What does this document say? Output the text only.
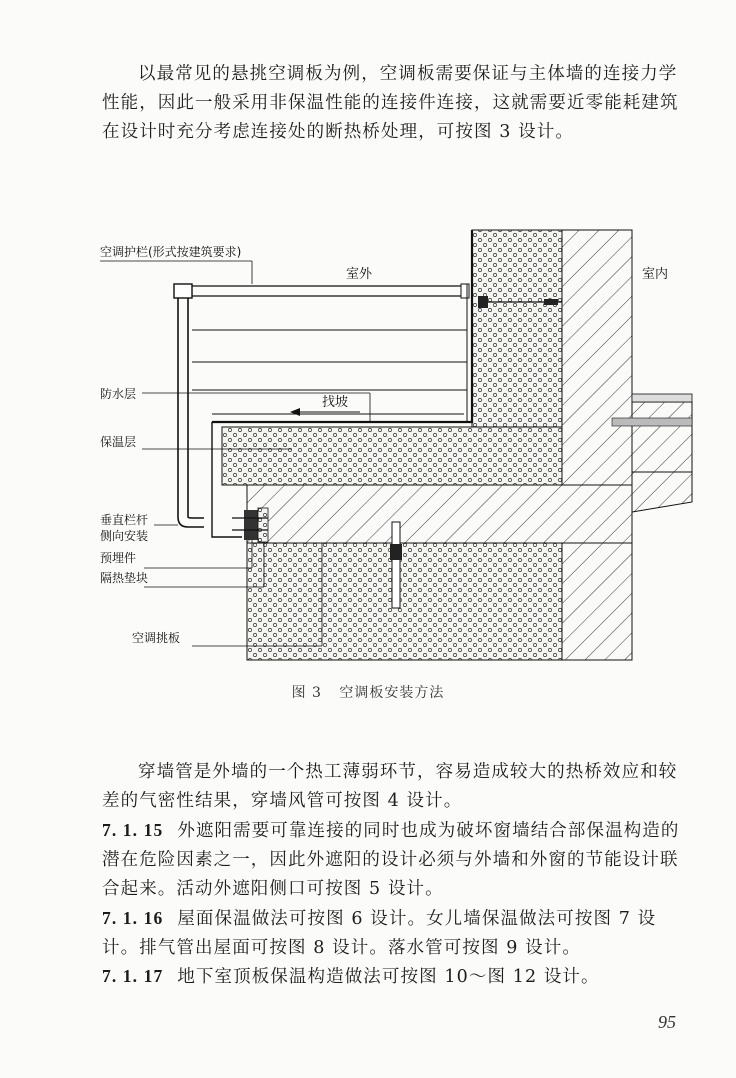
以最常见的悬挑空调板为例，空调板需要保证与主体墙的连接力学性能，因此一般采用非保温性能的连接件连接，这就需要近零能耗建筑在设计时充分考虑连接处的断热桥处理，可按图 3 设计。

空调护栏(形式按建筑要求)
室外	室内
防水层
找坡
保温层
垂直栏杆
侧向安装
预埋件
隔热垫块
空调挑板
图 3 空调板安装方法

穿墙管是外墙的一个热工薄弱环节，容易造成较大的热桥效应和较差的气密性结果，穿墙风管可按图 4 设计。

7. 1. 15 外遮阳需要可靠连接的同时也成为破坏窗墙结合部保温构造的潜在危险因素之一，因此外遮阳的设计必须与外墙和外窗的节能设计联合起来。活动外遮阳侧口可按图 5 设计。

7. 1. 16 屋面保温做法可按图 6 设计。女儿墙保温做法可按图 7 设计。排气管出屋面可按图 8 设计。落水管可按图 9 设计。

7. 1. 17 地下室顶板保温构造做法可按图 10～图 12 设计。

95
